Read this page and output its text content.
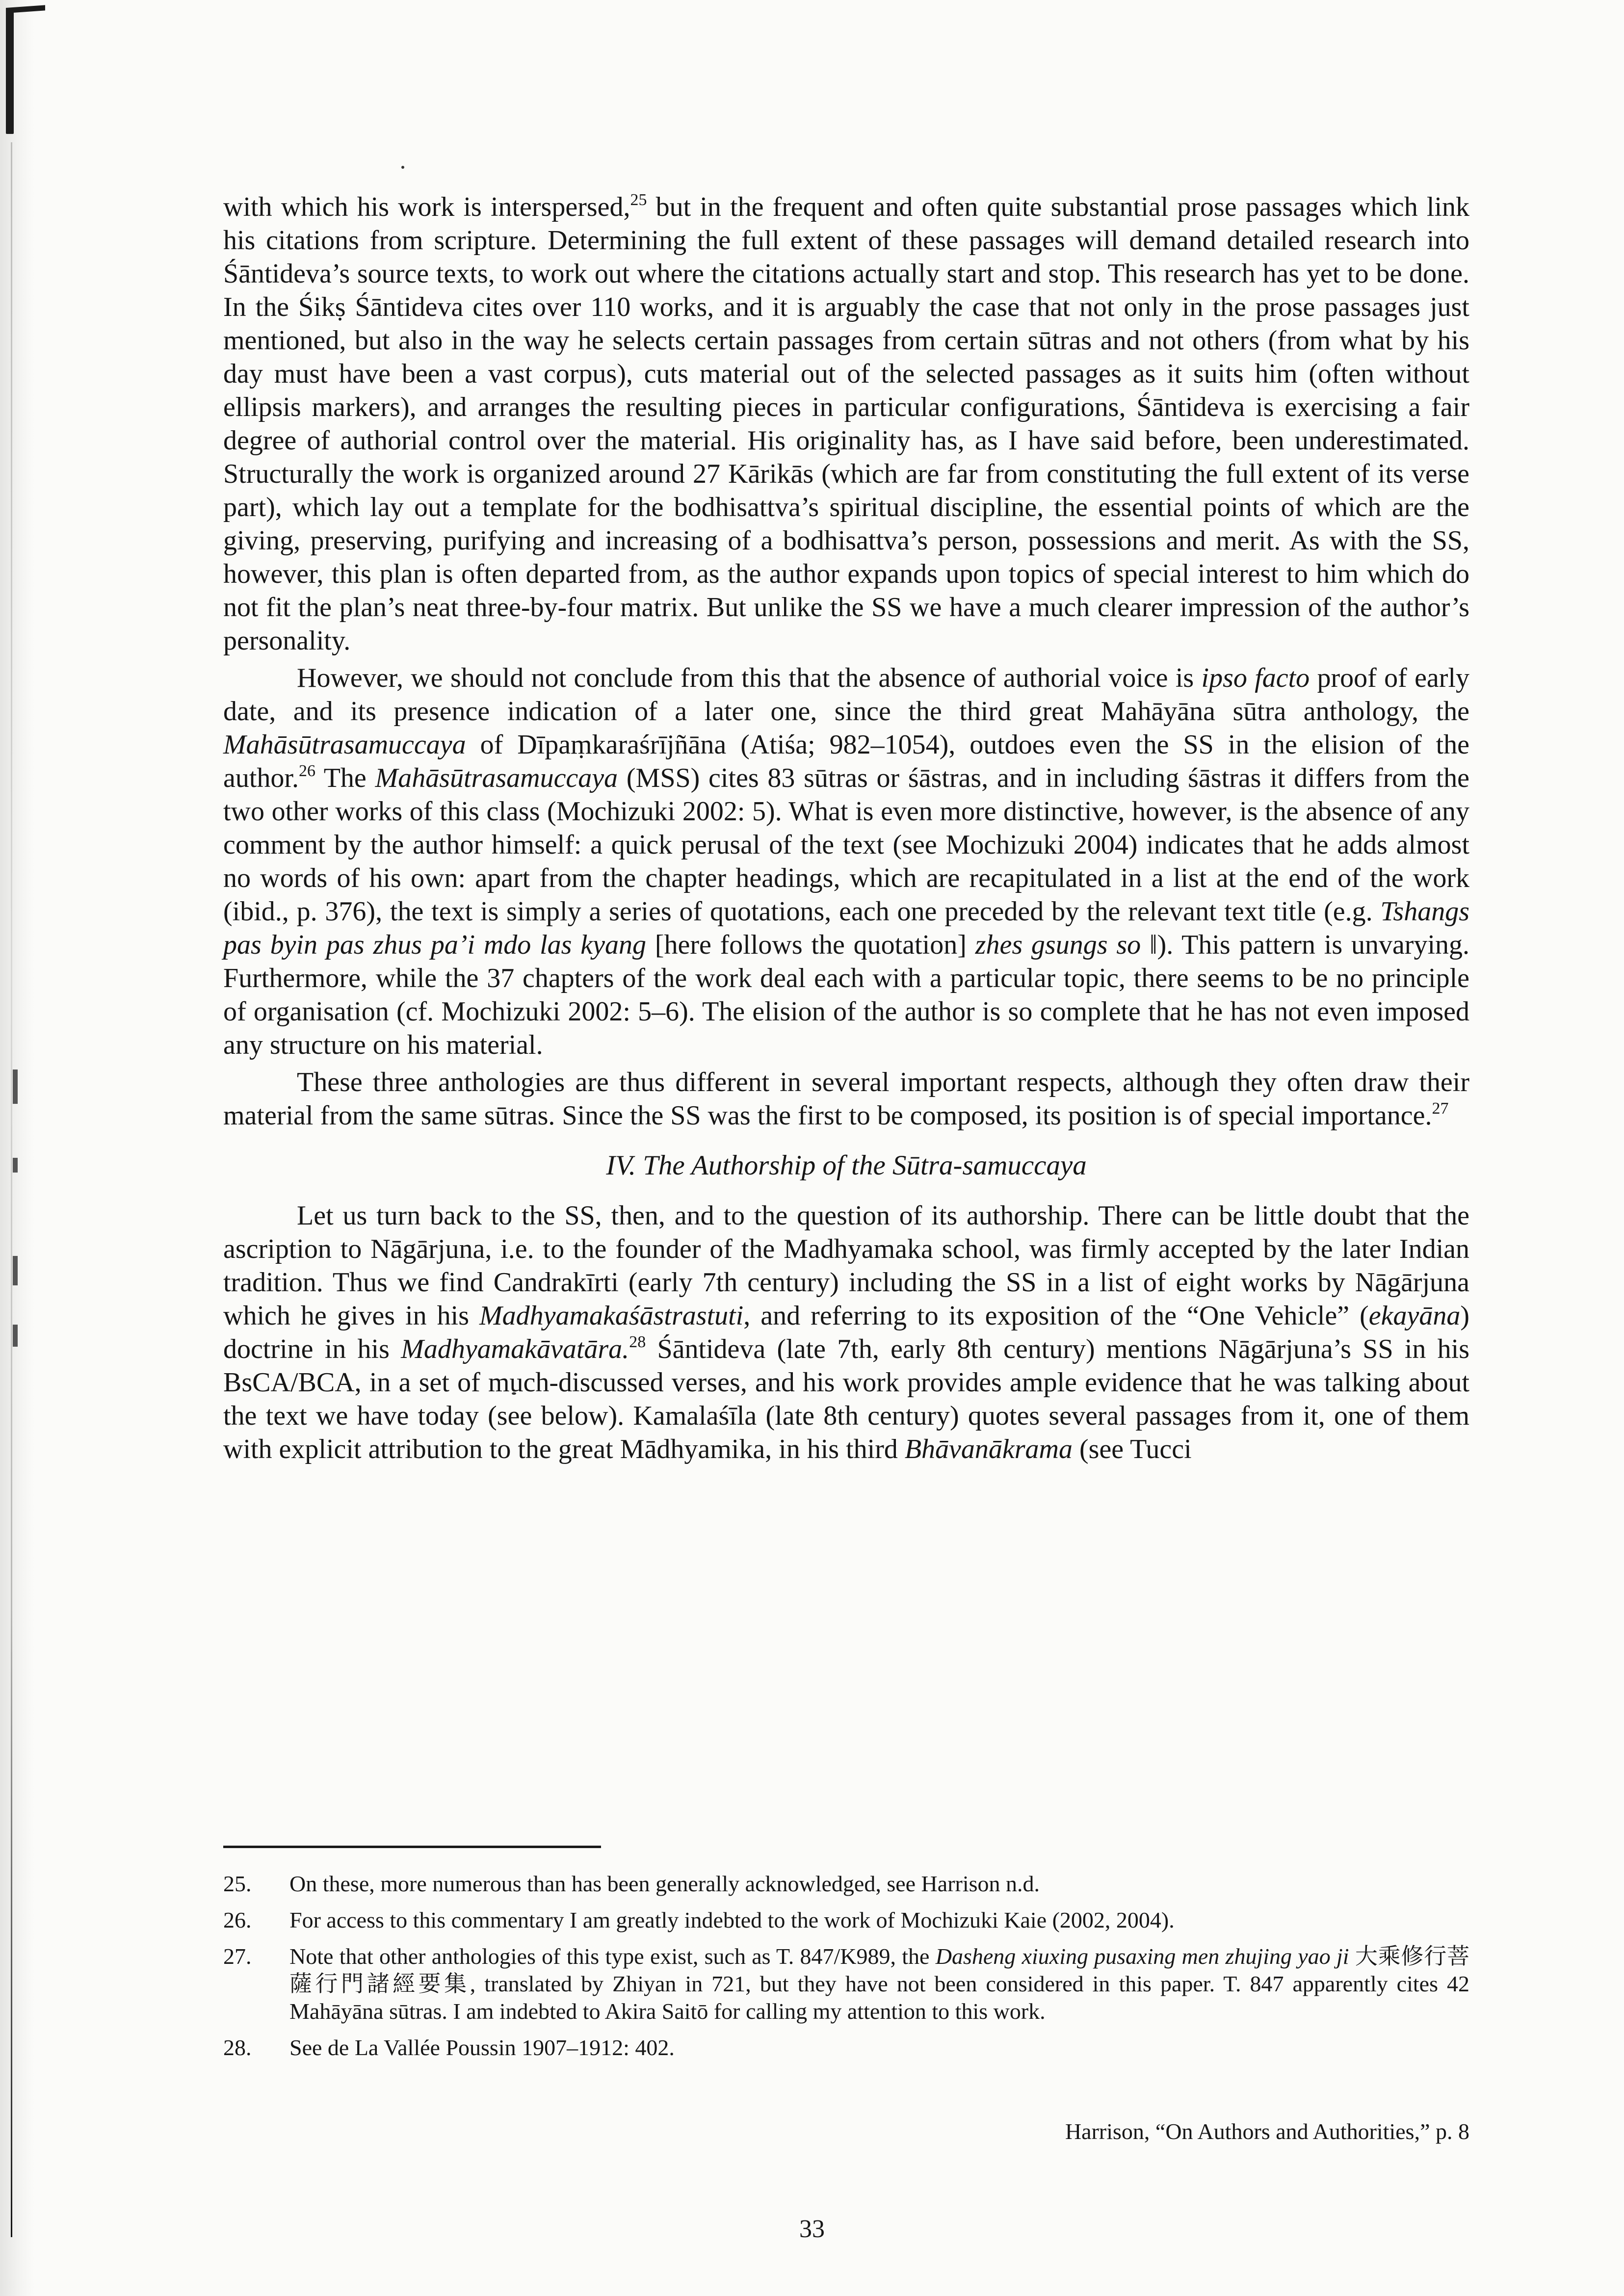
with which his work is interspersed,$^{25}$ but in the frequent and often quite substantial prose passages which link his citations from scripture. Determining the full extent of these passages will demand detailed research into Śāntideva’s source texts, to work out where the citations actually start and stop. This research has yet to be done. In the Śikṣ Śāntideva cites over 110 works, and it is arguably the case that not only in the prose passages just mentioned, but also in the way he selects certain passages from certain sūtras and not others (from what by his day must have been a vast corpus), cuts material out of the selected passages as it suits him (often without ellipsis markers), and arranges the resulting pieces in particular configurations, Śāntideva is exercising a fair degree of authorial control over the material. His originality has, as I have said before, been underestimated. Structurally the work is organized around 27 Kārikās (which are far from constituting the full extent of its verse part), which lay out a template for the bodhisattva’s spiritual discipline, the essential points of which are the giving, preserving, purifying and increasing of a bodhisattva’s person, possessions and merit. As with the SS, however, this plan is often departed from, as the author expands upon topics of special interest to him which do not fit the plan’s neat three-by-four matrix. But unlike the SS we have a much clearer impression of the author’s personality.

However, we should not conclude from this that the absence of authorial voice is ipso facto proof of early date, and its presence indication of a later one, since the third great Mahāyāna sūtra anthology, the Mahāsūtrasamuccaya of Dīpaṃkaraśrījñāna (Atiśa; 982–1054), outdoes even the SS in the elision of the author.$^{26}$ The Mahāsūtrasamuccaya (MSS) cites 83 sūtras or śāstras, and in including śāstras it differs from the two other works of this class (Mochizuki 2002: 5). What is even more distinctive, however, is the absence of any comment by the author himself: a quick perusal of the text (see Mochizuki 2004) indicates that he adds almost no words of his own: apart from the chapter headings, which are recapitulated in a list at the end of the work (ibid., p. 376), the text is simply a series of quotations, each one preceded by the relevant text title (e.g. Tshangs pas byin pas zhus pa’i mdo las kyang [here follows the quotation] zhes gsungs so ǁ). This pattern is unvarying. Furthermore, while the 37 chapters of the work deal each with a particular topic, there seems to be no principle of organisation (cf. Mochizuki 2002: 5–6). The elision of the author is so complete that he has not even imposed any structure on his material.

These three anthologies are thus different in several important respects, although they often draw their material from the same sūtras. Since the SS was the first to be composed, its position is of special importance.$^{27}$

IV. The Authorship of the Sūtra-samuccaya

Let us turn back to the SS, then, and to the question of its authorship. There can be little doubt that the ascription to Nāgārjuna, i.e. to the founder of the Madhyamaka school, was firmly accepted by the later Indian tradition. Thus we find Candrakīrti (early 7th century) including the SS in a list of eight works by Nāgārjuna which he gives in his Madhyamakaśāstrastuti, and referring to its exposition of the “One Vehicle” (ekayāna) doctrine in his Madhyamakāvatāra.$^{28}$ Śāntideva (late 7th, early 8th century) mentions Nāgārjuna’s SS in his BsCA/BCA, in a set of much-discussed verses, and his work provides ample evidence that he was talking about the text we have today (see below). Kamalaśīla (late 8th century) quotes several passages from it, one of them with explicit attribution to the great Mādhyamika, in his third Bhāvanākrama (see Tucci

25.	On these, more numerous than has been generally acknowledged, see Harrison n.d.
26.	For access to this commentary I am greatly indebted to the work of Mochizuki Kaie (2002, 2004).
27.	Note that other anthologies of this type exist, such as T. 847/K989, the Dasheng xiuxing pusaxing men zhujing yao ji 大乘修行菩薩行門諸經要集, translated by Zhiyan in 721, but they have not been considered in this paper. T. 847 apparently cites 42 Mahāyāna sūtras. I am indebted to Akira Saitō for calling my attention to this work.
28.	See de La Vallée Poussin 1907–1912: 402.
Harrison, “On Authors and Authorities,” p. 8
33
